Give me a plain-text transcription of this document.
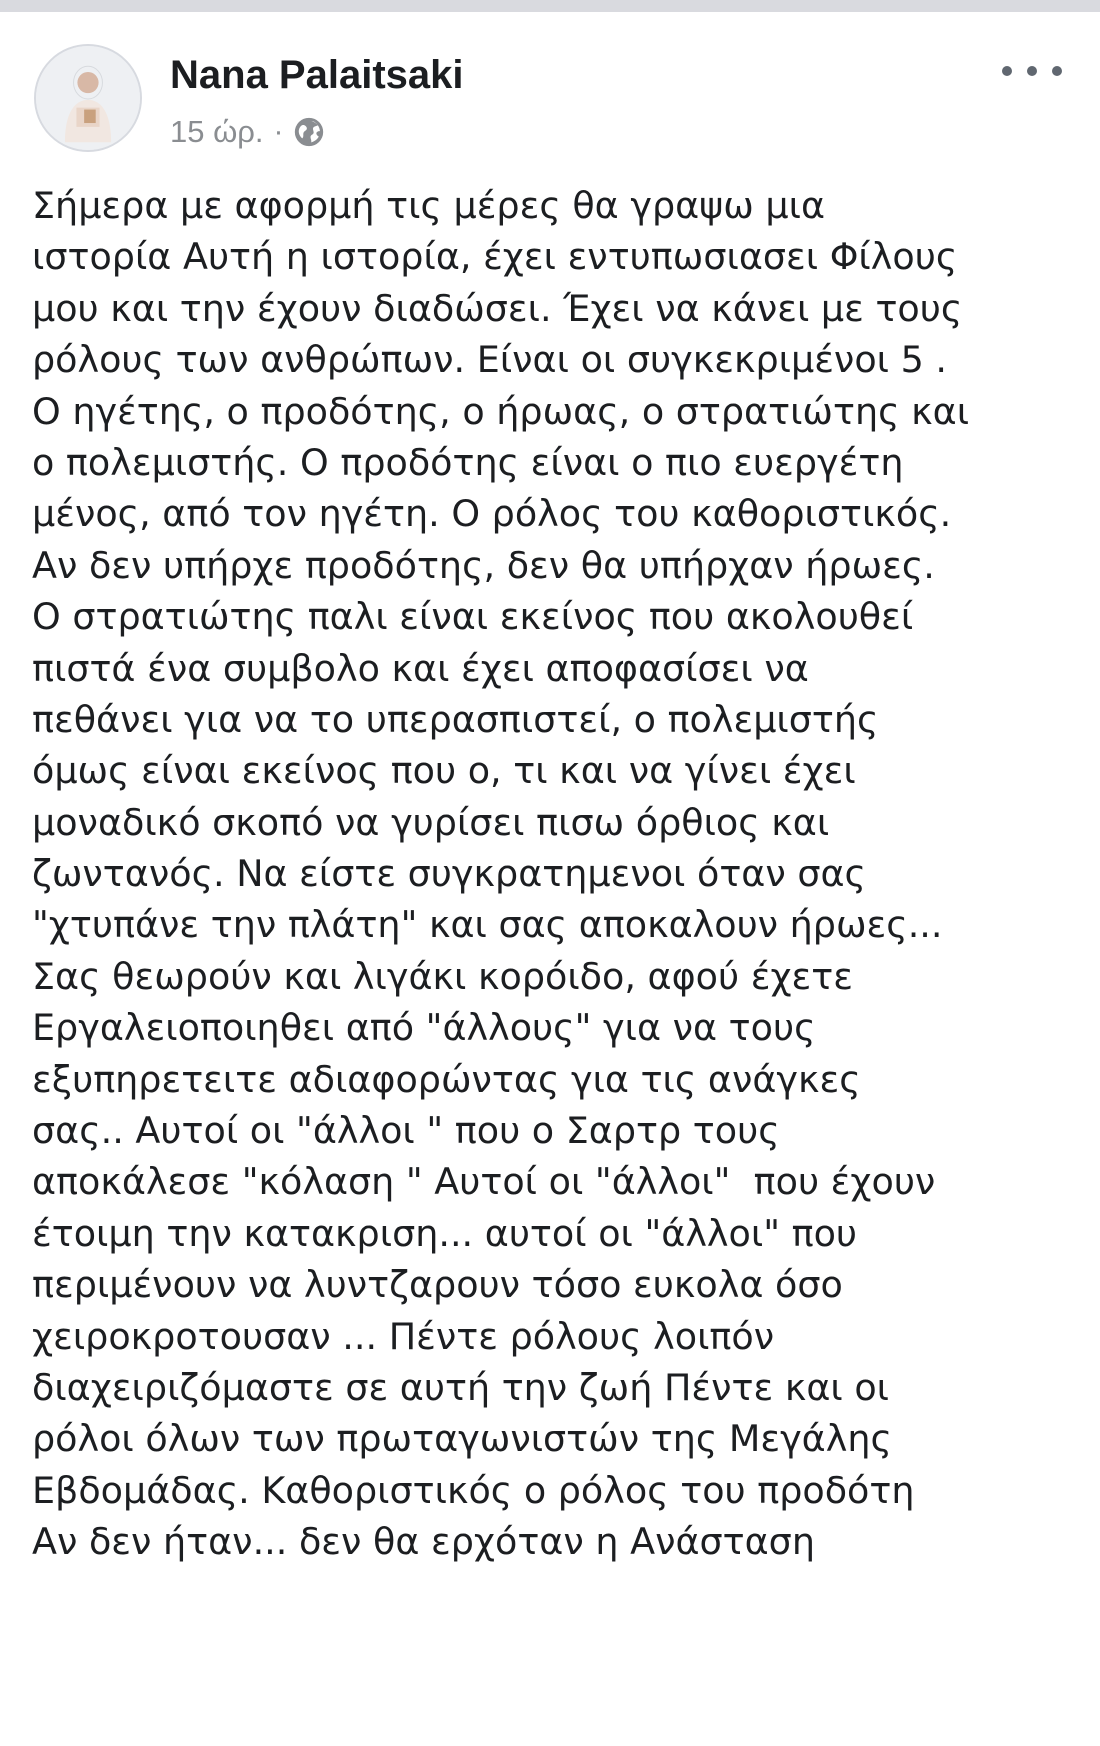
Nana Palaitsaki
15 ώρ. ·
Σήμερα με αφορμή τις μέρες θα γραψω μια
ιστορία Αυτή η ιστορία, έχει εντυπωσιασει Φίλους
μου και την έχουν διαδώσει. Έχει να κάνει με τους
ρόλους των ανθρώπων. Είναι οι συγκεκριμένοι 5 .
Ο ηγέτης, ο προδότης, ο ήρωας, ο στρατιώτης και
ο πολεμιστής. Ο προδότης είναι ο πιο ευεργέτη
μένος, από τον ηγέτη. Ο ρόλος του καθοριστικός.
Αν δεν υπήρχε προδότης, δεν θα υπήρχαν ήρωες.
Ο στρατιώτης παλι είναι εκείνος που ακολουθεί
πιστά ένα συμβολο και έχει αποφασίσει να
πεθάνει για να το υπερασπιστεί, ο πολεμιστής
όμως είναι εκείνος που ο, τι και να γίνει έχει
μοναδικό σκοπό να γυρίσει πισω όρθιος και
ζωντανός. Να είστε συγκρατημενοι όταν σας
"χτυπάνε την πλάτη" και σας αποκαλουν ήρωες...
Σας θεωρούν και λιγάκι κορόιδο, αφού έχετε
Εργαλειοποιηθει από "άλλους" για να τους
εξυπηρετειτε αδιαφορώντας για τις ανάγκες
σας.. Αυτοί οι "άλλοι " που ο Σαρτρ τους
αποκάλεσε "κόλαση " Αυτοί οι "άλλοι"  που έχουν
έτοιμη την κατακριση... αυτοί οι "άλλοι" που
περιμένουν να λυντζαρουν τόσο ευκολα όσο
χειροκροτουσαν ... Πέντε ρόλους λοιπόν
διαχειριζόμαστε σε αυτή την ζωή Πέντε και οι
ρόλοι όλων των πρωταγωνιστών της Μεγάλης
Εβδομάδας. Καθοριστικός ο ρόλος του προδότη
Αν δεν ήταν... δεν θα ερχόταν η Ανάσταση
